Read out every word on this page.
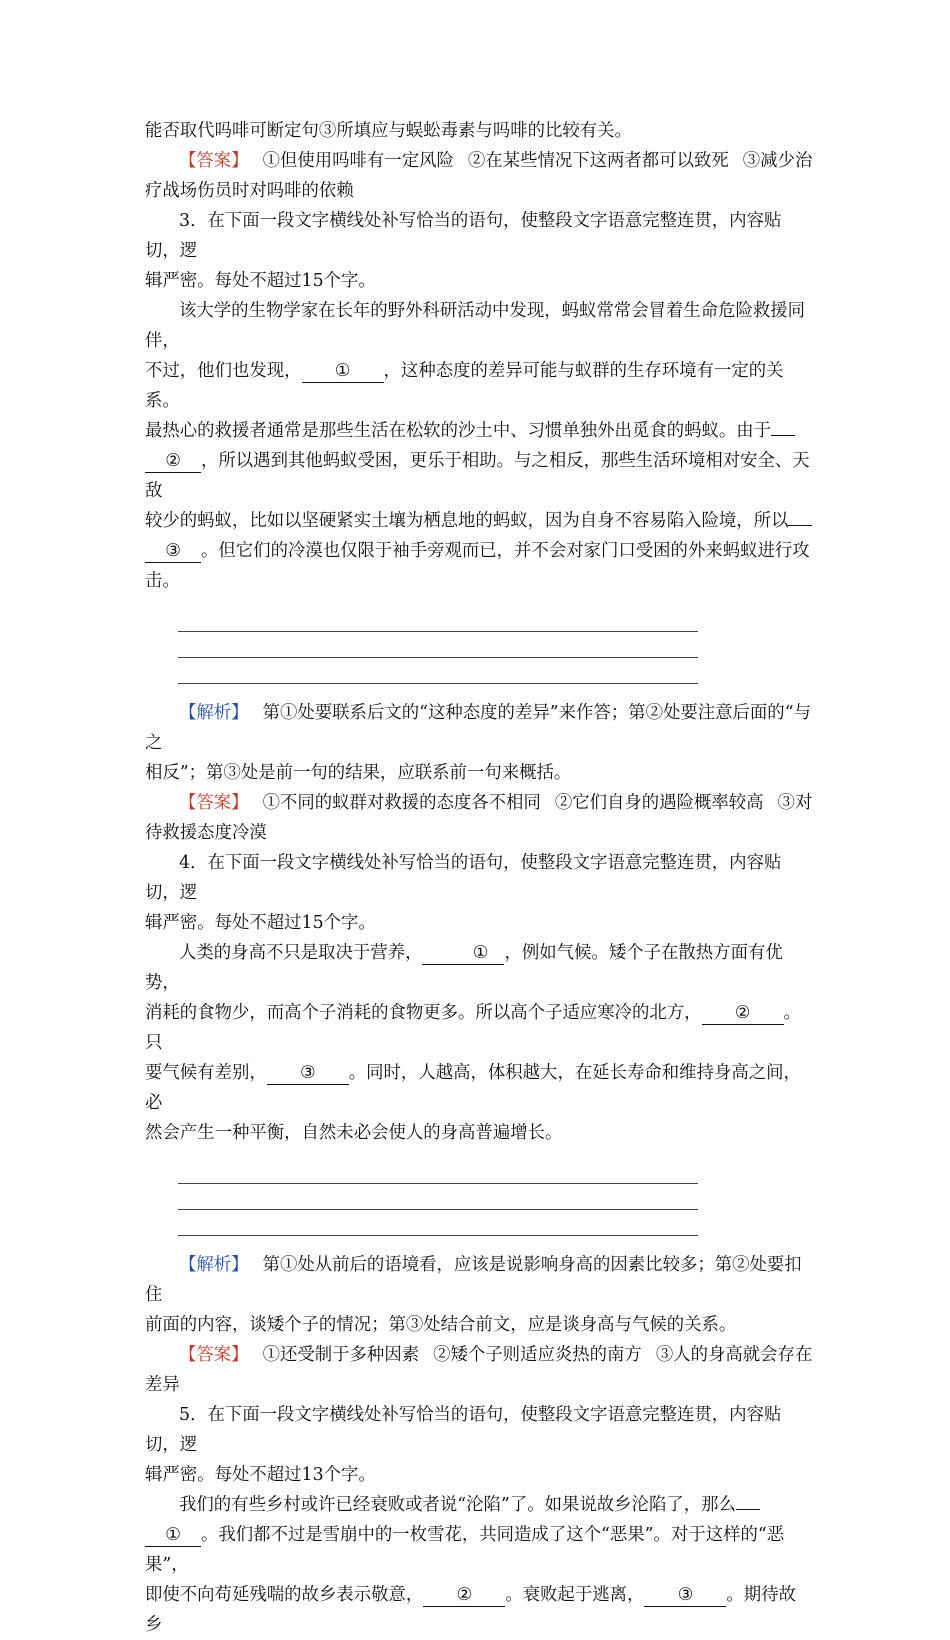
能否取代吗啡可断定句③所填应与蜈蚣毒素与吗啡的比较有关。

【答案】 ①但使用吗啡有一定风险 ②在某些情况下这两者都可以致死 ③减少治

疗战场伤员时对吗啡的依赖

3．在下面一段文字横线处补写恰当的语句，使整段文字语意完整连贯，内容贴切，逻

辑严密。每处不超过15个字。

该大学的生物学家在长年的野外科研活动中发现，蚂蚁常常会冒着生命危险救援同伴，

不过，他们也发现， ① ，这种态度的差异可能与蚁群的生存环境有一定的关系。

最热心的救援者通常是那些生活在松软的沙土中、习惯单独外出觅食的蚂蚁。由于

② ，所以遇到其他蚂蚁受困，更乐于相助。与之相反，那些生活环境相对安全、天敌

较少的蚂蚁，比如以坚硬紧实土壤为栖息地的蚂蚁，因为自身不容易陷入险境，所以

③ 。但它们的冷漠也仅限于袖手旁观而已，并不会对家门口受困的外来蚂蚁进行攻击。

【解析】 第①处要联系后文的“这种态度的差异”来作答；第②处要注意后面的“与之

相反”；第③处是前一句的结果，应联系前一句来概括。

【答案】 ①不同的蚁群对救援的态度各不相同 ②它们自身的遇险概率较高 ③对

待救援态度冷漠

4．在下面一段文字横线处补写恰当的语句，使整段文字语意完整连贯，内容贴切，逻

辑严密。每处不超过15个字。

人类的身高不只是取决于营养，	① ，例如气候。矮个子在散热方面有优势，

消耗的食物少，而高个子消耗的食物更多。所以高个子适应寒冷的北方， ② 。只

要气候有差别， ③ 。同时，人越高，体积越大，在延长寿命和维持身高之间，必

然会产生一种平衡，自然未必会使人的身高普遍增长。

【解析】 第①处从前后的语境看，应该是说影响身高的因素比较多；第②处要扣住

前面的内容，谈矮个子的情况；第③处结合前文，应是谈身高与气候的关系。

【答案】 ①还受制于多种因素 ②矮个子则适应炎热的南方 ③人的身高就会存在

差异

5．在下面一段文字横线处补写恰当的语句，使整段文字语意完整连贯，内容贴切，逻

辑严密。每处不超过13个字。

我们的有些乡村或许已经衰败或者说“沦陷”了。如果说故乡沦陷了，那么

① 。我们都不过是雪崩中的一枚雪花，共同造成了这个“恶果”。对于这样的“恶果”，

即使不向苟延残喘的故乡表示敬意， ② 。衰败起于逃离， ③ 。期待故乡
